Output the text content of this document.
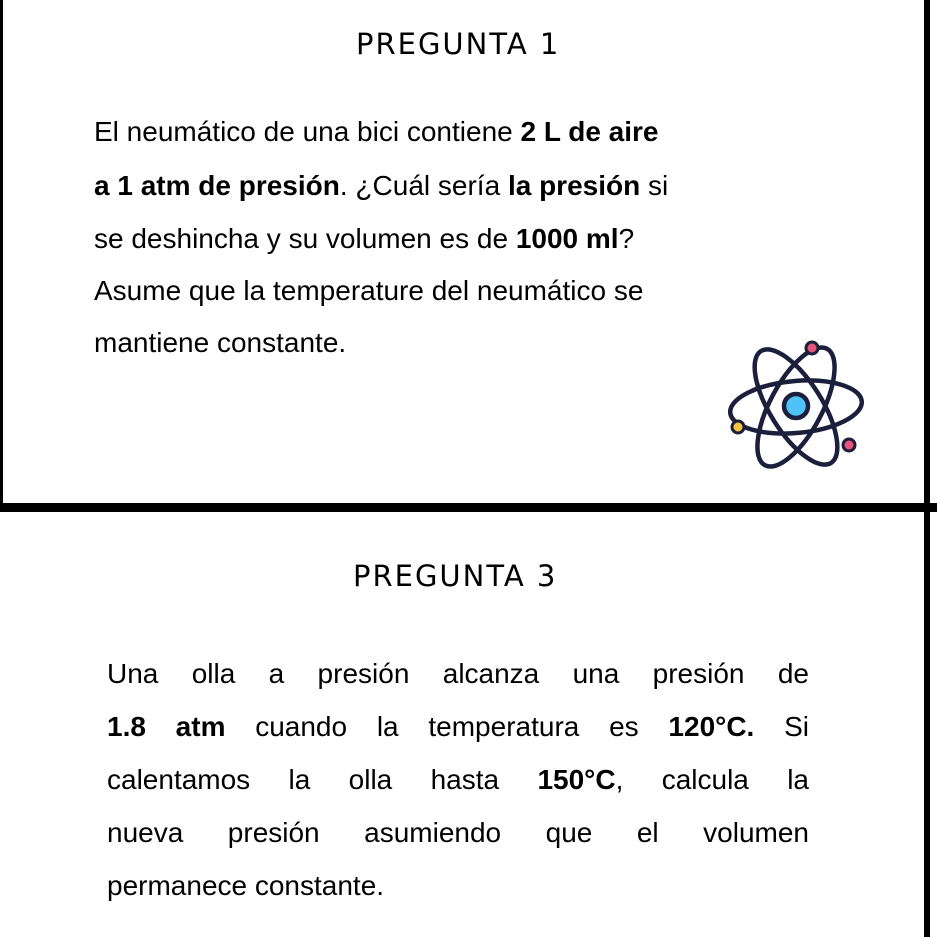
PREGUNTA 1
El neumático de una bici contiene 2 L de aire
a 1 atm de presión. ¿Cuál sería la presión si
se deshincha y su volumen es de 1000 ml?
Asume que la temperature del neumático se
mantiene constante.
PREGUNTA 3
Una olla a presión alcanza una presión de
1.8 atm cuando la temperatura es 120°C. Si
calentamos la olla hasta 150°C, calcula la
nueva presión asumiendo que el volumen
permanece constante.
